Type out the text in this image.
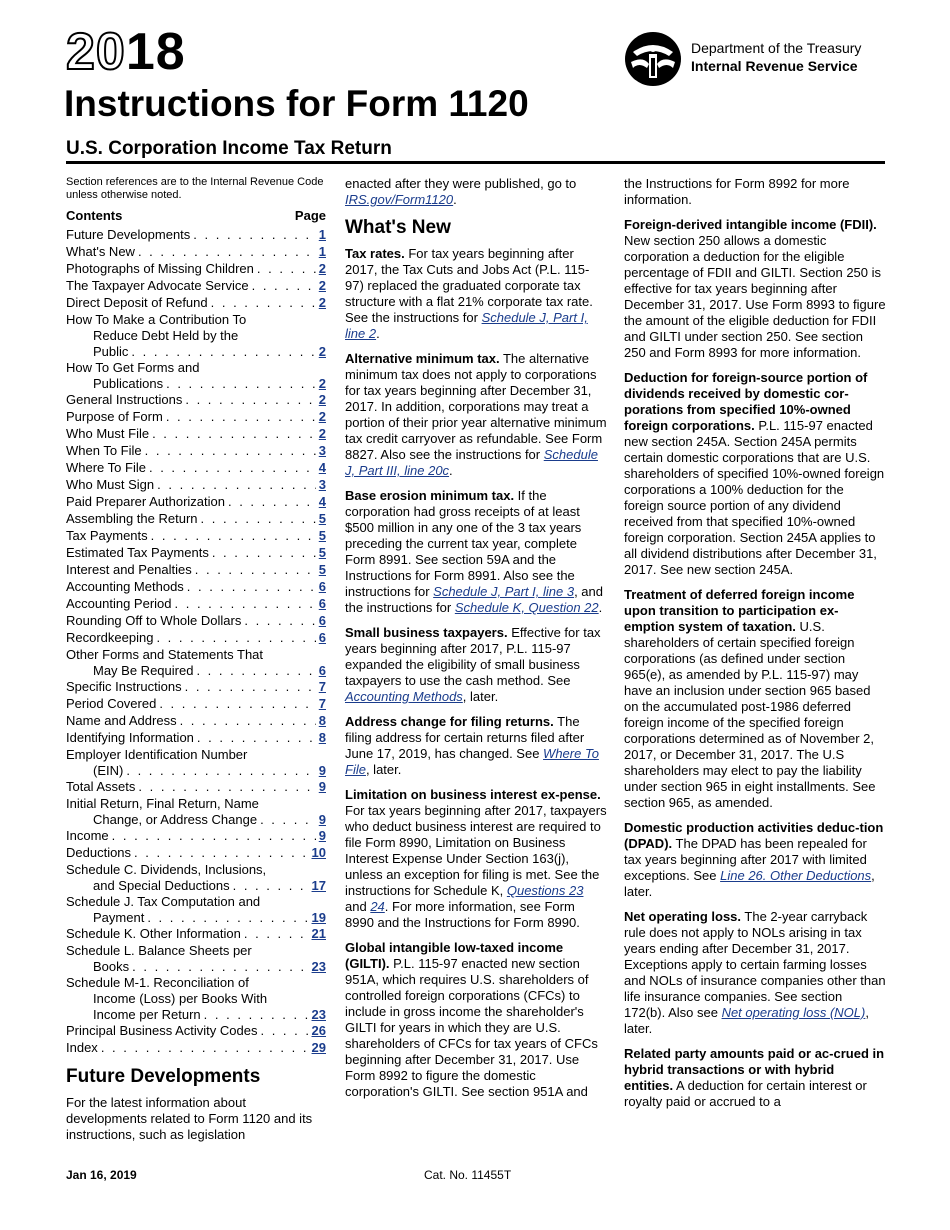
2018
Instructions for Form 1120
U.S. Corporation Income Tax Return
Department of the Treasury
Internal Revenue Service
Section references are to the Internal Revenue Code unless otherwise noted.
Contents	Page
Future Developments . . .	1
What's New . . .	1
Photographs of Missing Children . . .	2
The Taxpayer Advocate Service . . .	2
Direct Deposit of Refund . . .	2
How To Make a Contribution To
Reduce Debt Held by the
Public . . .	2
How To Get Forms and
Publications . . .	2
General Instructions . . .	2
Purpose of Form . . .	2
Who Must File . . .	2
When To File . . .	3
Where To File . . .	4
Who Must Sign . . .	3
Paid Preparer Authorization . . .	4
Assembling the Return . . .	5
Tax Payments . . .	5
Estimated Tax Payments . . .	5
Interest and Penalties . . .	5
Accounting Methods . . .	6
Accounting Period . . .	6
Rounding Off to Whole Dollars . . .	6
Recordkeeping . . .	6
Other Forms and Statements That
May Be Required . . .	6
Specific Instructions . . .	7
Period Covered . . .	7
Name and Address . . .	8
Identifying Information . . .	8
Employer Identification Number
(EIN) . . .	9
Total Assets . . .	9
Initial Return, Final Return, Name
Change, or Address Change . . .	9
Income . . .	9
Deductions . . .	10
Schedule C. Dividends, Inclusions,
and Special Deductions . . .	17
Schedule J. Tax Computation and
Payment . . .	19
Schedule K. Other Information . . .	21
Schedule L. Balance Sheets per
Books . . .	23
Schedule M-1. Reconciliation of
Income (Loss) per Books With
Income per Return . . .	23
Principal Business Activity Codes . . .	26
Index . . .	29
Future Developments

For the latest information about developments related to Form 1120 and its instructions, such as legislation

enacted after they were published, go to IRS.gov/Form1120.

What's New

Tax rates. For tax years beginning after 2017, the Tax Cuts and Jobs Act (P.L. 115-97) replaced the graduated corporate tax structure with a flat 21% corporate tax rate. See the instructions for Schedule J, Part I, line 2.

Alternative minimum tax. The alternative minimum tax does not apply to corporations for tax years beginning after December 31, 2017. In addition, corporations may treat a portion of their prior year alternative minimum tax credit carryover as refundable. See Form 8827. Also see the instructions for Schedule J, Part III, line 20c.

Base erosion minimum tax. If the corporation had gross receipts of at least $500 million in any one of the 3 tax years preceding the current tax year, complete Form 8991. See section 59A and the Instructions for Form 8991. Also see the instructions for Schedule J, Part I, line 3, and the instructions for Schedule K, Question 22.

Small business taxpayers. Effective for tax years beginning after 2017, P.L. 115-97 expanded the eligibility of small business taxpayers to use the cash method. See Accounting Methods, later.

Address change for filing returns. The filing address for certain returns filed after June 17, 2019, has changed. See Where To File, later.

Limitation on business interest ex-pense. For tax years beginning after 2017, taxpayers who deduct business interest are required to file Form 8990, Limitation on Business Interest Expense Under Section 163(j), unless an exception for filing is met. See the instructions for Schedule K, Questions 23 and 24. For more information, see Form 8990 and the Instructions for Form 8990.

Global intangible low-taxed income (GILTI). P.L. 115-97 enacted new section 951A, which requires U.S. shareholders of controlled foreign corporations (CFCs) to include in gross income the shareholder's GILTI for years in which they are U.S. shareholders of CFCs for tax years of CFCs beginning after December 31, 2017. Use Form 8992 to figure the domestic corporation's GILTI. See section 951A and

the Instructions for Form 8992 for more information.

Foreign-derived intangible income (FDII). New section 250 allows a domestic corporation a deduction for the eligible percentage of FDII and GILTI. Section 250 is effective for tax years beginning after December 31, 2017. Use Form 8993 to figure the amount of the eligible deduction for FDII and GILTI under section 250. See section 250 and Form 8993 for more information.

Deduction for foreign-source portion of dividends received by domestic cor-porations from specified 10%-owned foreign corporations. P.L. 115-97 enacted new section 245A. Section 245A permits certain domestic corporations that are U.S. shareholders of specified 10%-owned foreign corporations a 100% deduction for the foreign source portion of any dividend received from that specified 10%-owned foreign corporation. Section 245A applies to all dividend distributions after December 31, 2017. See new section 245A.

Treatment of deferred foreign income upon transition to participation ex-emption system of taxation. U.S. shareholders of certain specified foreign corporations (as defined under section 965(e), as amended by P.L. 115-97) may have an inclusion under section 965 based on the accumulated post-1986 deferred foreign income of the specified foreign corporations determined as of November 2, 2017, or December 31, 2017. The U.S shareholders may elect to pay the liability under section 965 in eight installments. See section 965, as amended.

Domestic production activities deduc-tion (DPAD). The DPAD has been repealed for tax years beginning after 2017 with limited exceptions. See Line 26. Other Deductions, later.

Net operating loss. The 2-year carryback rule does not apply to NOLs arising in tax years ending after December 31, 2017. Exceptions apply to certain farming losses and NOLs of insurance companies other than life insurance companies. See section 172(b). Also see Net operating loss (NOL), later.

Related party amounts paid or ac-crued in hybrid transactions or with hybrid entities. A deduction for certain interest or royalty paid or accrued to a

Jan 16, 2019	Cat. No. 11455T
